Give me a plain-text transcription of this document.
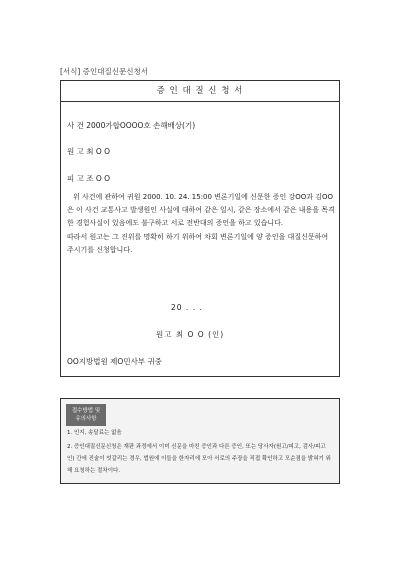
[서식] 증인대질신문신청서
증 인 대 질 신 청 서
사 건 2000가합OOOO호 손해배상(기)
원 고 최 O O
피 고 조 O O

위 사건에 관하여 귀원 2000. 10. 24. 15:00 변론기일에 신문한 증인 강OO과 김OO은 이 사건 교통사고 발생원인 사실에 대하여 같은 일시, 같은 장소에서 같은 내용을 목격한 경험사실이 있음에도 불구하고 서로 전반대의 증언을 하고 있습니다.

따라서 원고는 그 진위를 명확히 하기 위하여 차회 변론기일에 양 증인을 대질신문하여 주시기를 신청합니다.

20 . . .
원고 최 O O (인)
OO지방법원 제O민사부 귀중
접수방법 및
유의사항
1. 인지, 송달료는 없음
2. 증인대질신문신청은 재판 과정에서 이미 신문을 마친 증인과 다른 증인, 또는 당사자(원고/피고, 검사/피고인) 간에 진술이 엇갈리는 경우, 법원에 이들을 한자리에 모아 서로의 주장을 직접 확인하고 모순점을 밝혀기 위해 요청하는 절차이다.
